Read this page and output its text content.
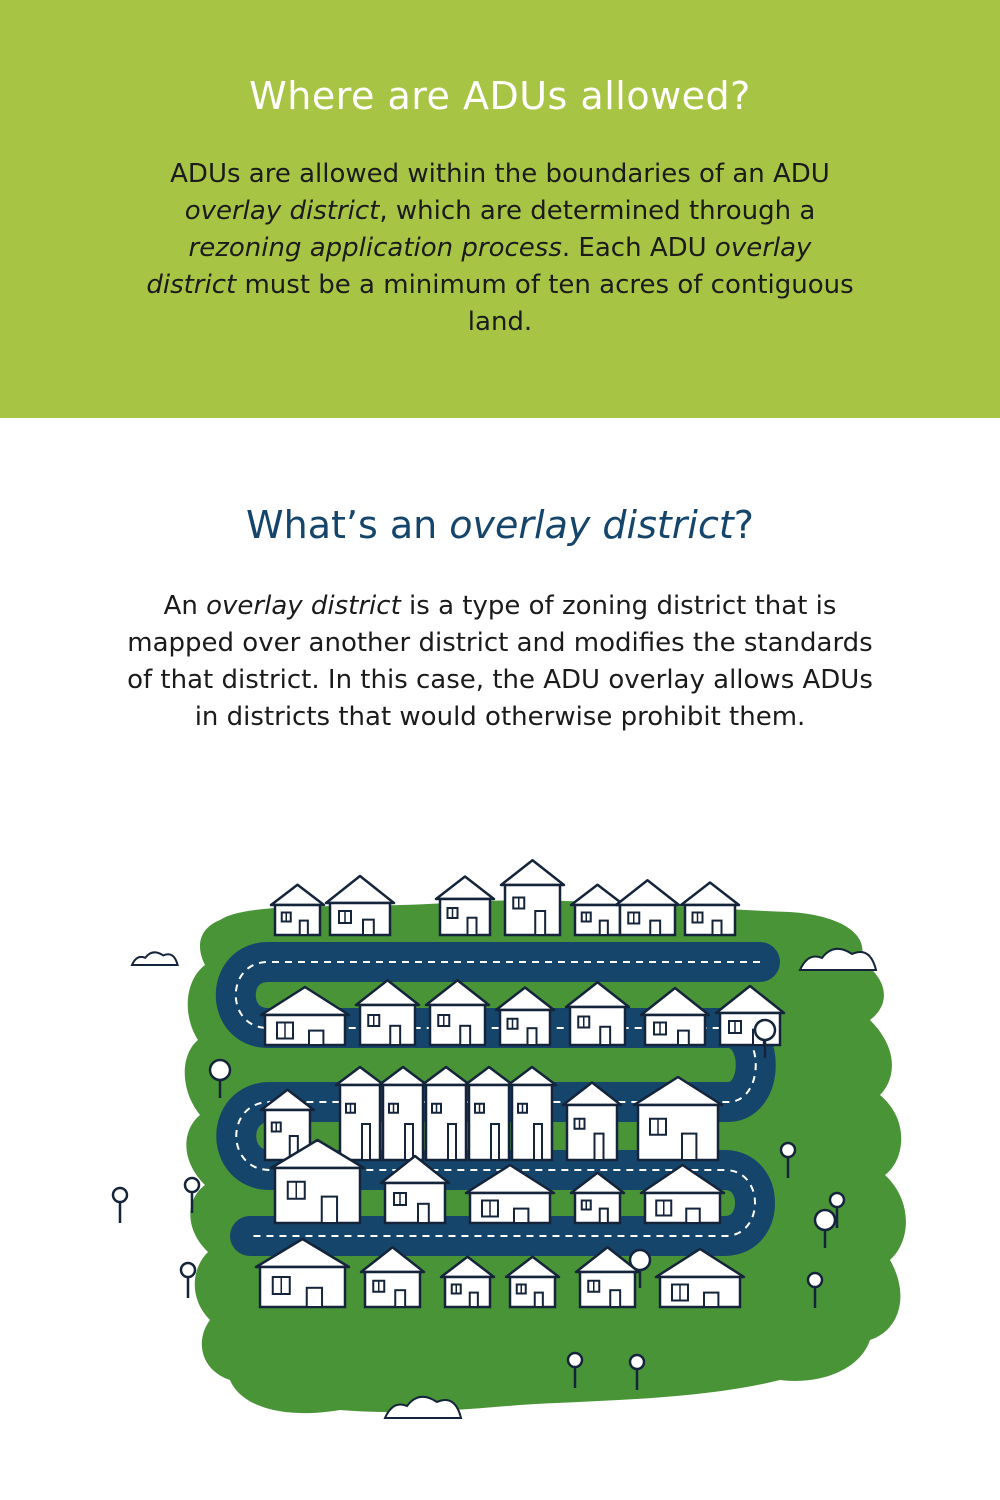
Where are ADUs allowed?

ADUs are allowed within the boundaries of an ADU overlay district, which are determined through a rezoning application process. Each ADU overlay district must be a minimum of ten acres of contiguous land.

What’s an overlay district?

An overlay district is a type of zoning district that is mapped over another district and modifies the standards of that district. In this case, the ADU overlay allows ADUs in districts that would otherwise prohibit them.
